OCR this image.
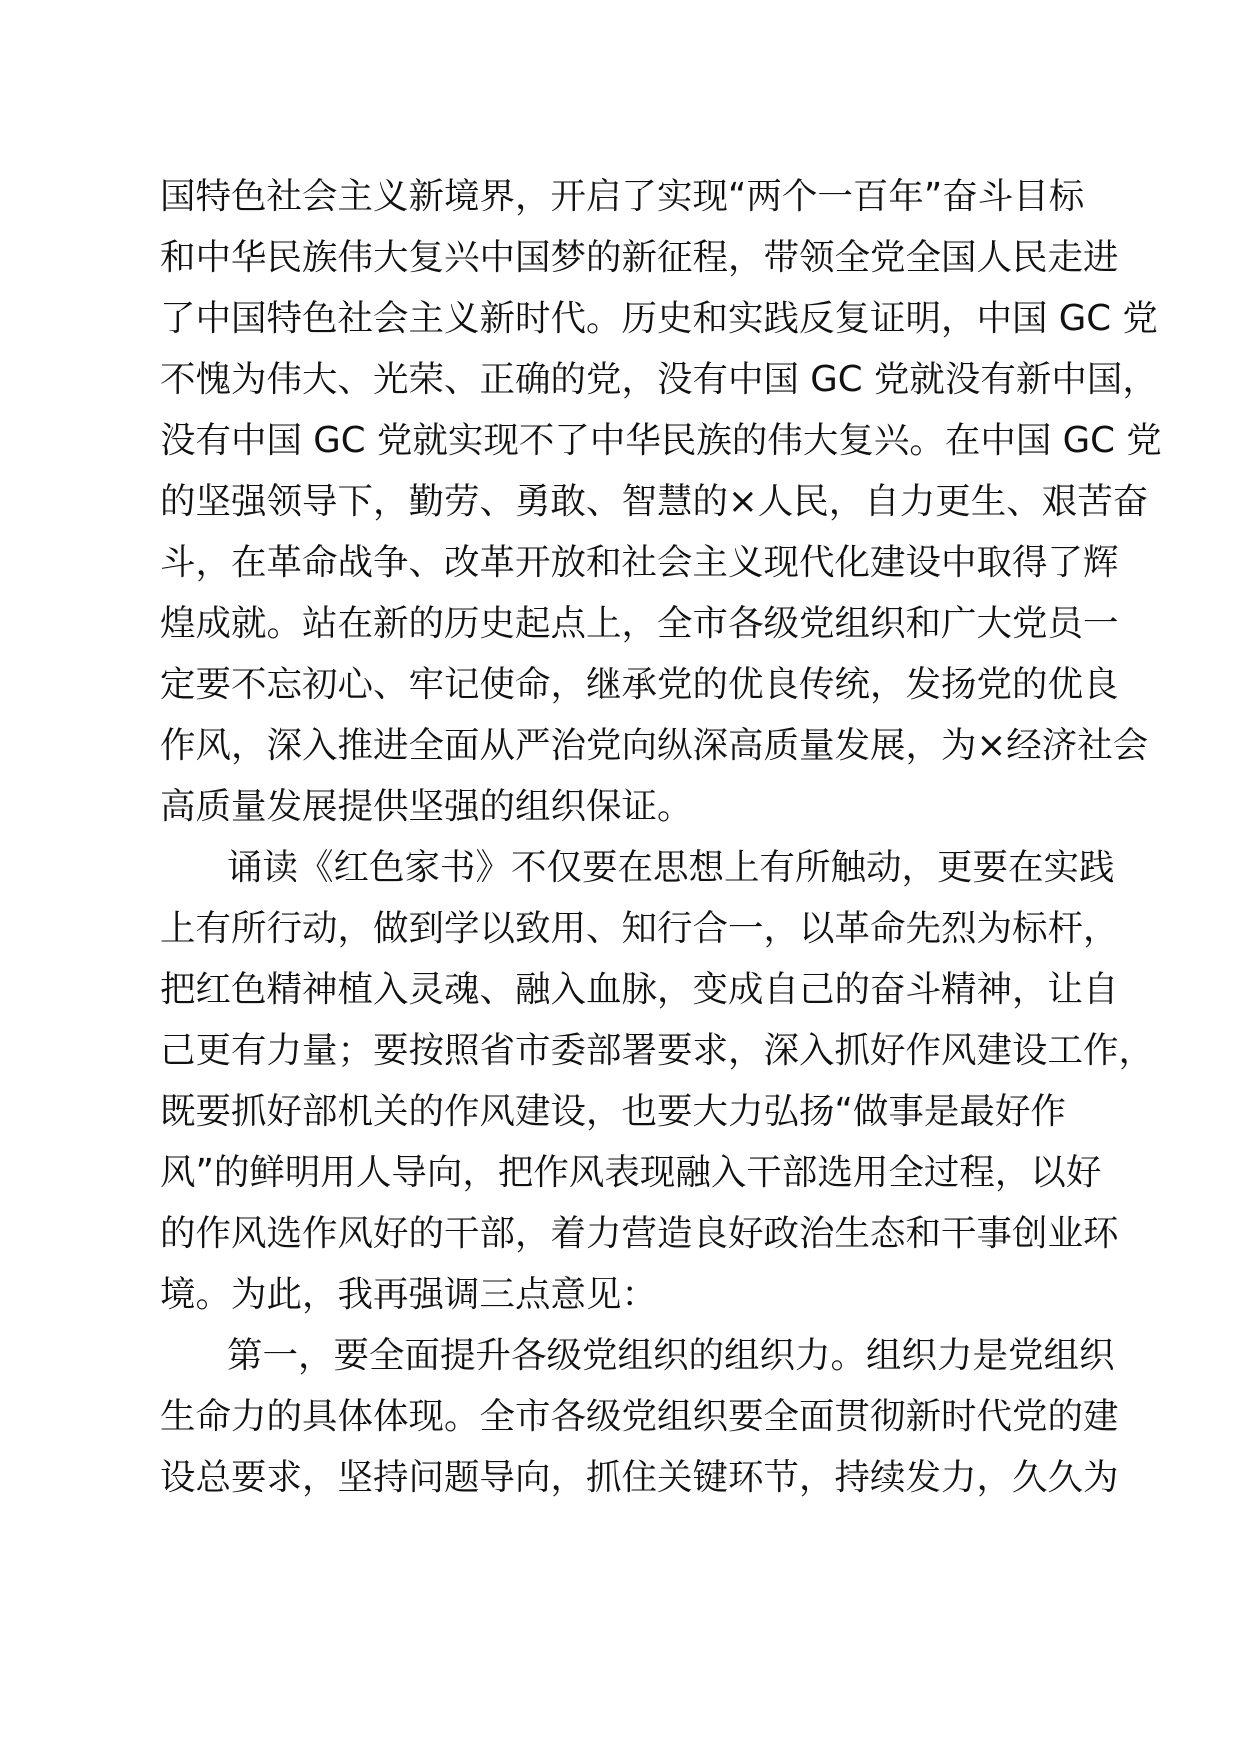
国特色社会主义新境界，开启了实现“两个一百年”奋斗目标

和中华民族伟大复兴中国梦的新征程，带领全党全国人民走进

了中国特色社会主义新时代。历史和实践反复证明，中国 GC 党

不愧为伟大、光荣、正确的党，没有中国 GC 党就没有新中国，

没有中国 GC 党就实现不了中华民族的伟大复兴。在中国 GC 党

的坚强领导下，勤劳、勇敢、智慧的×人民，自力更生、艰苦奋

斗，在革命战争、改革开放和社会主义现代化建设中取得了辉

煌成就。站在新的历史起点上，全市各级党组织和广大党员一

定要不忘初心、牢记使命，继承党的优良传统，发扬党的优良

作风，深入推进全面从严治党向纵深高质量发展，为×经济社会

高质量发展提供坚强的组织保证。

诵读《红色家书》不仅要在思想上有所触动，更要在实践

上有所行动，做到学以致用、知行合一，以革命先烈为标杆，

把红色精神植入灵魂、融入血脉，变成自己的奋斗精神，让自

己更有力量；要按照省市委部署要求，深入抓好作风建设工作，

既要抓好部机关的作风建设，也要大力弘扬“做事是最好作

风”的鲜明用人导向，把作风表现融入干部选用全过程，以好

的作风选作风好的干部，着力营造良好政治生态和干事创业环

境。为此，我再强调三点意见：

第一，要全面提升各级党组织的组织力。组织力是党组织

生命力的具体体现。全市各级党组织要全面贯彻新时代党的建

设总要求，坚持问题导向，抓住关键环节，持续发力，久久为
